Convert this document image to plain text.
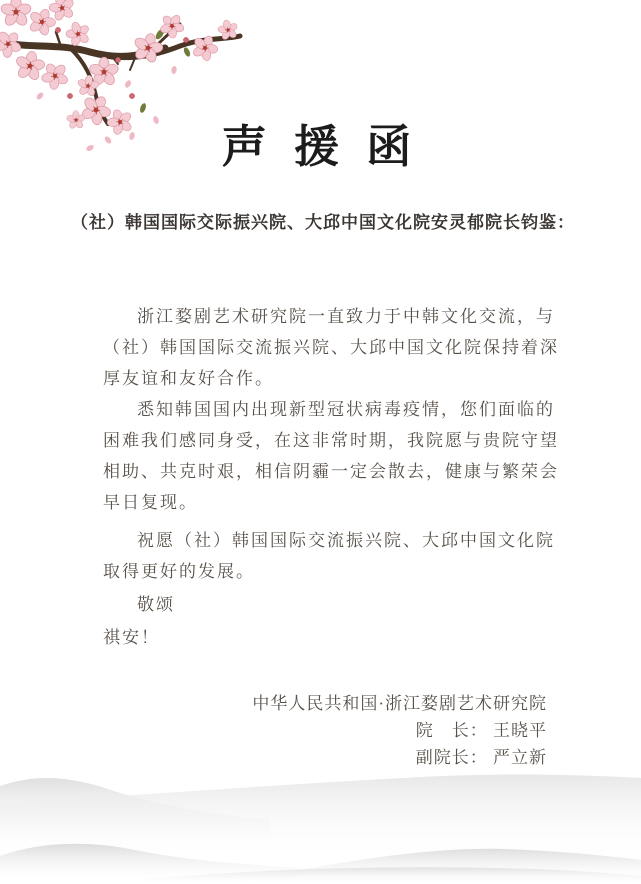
声 援 函
（社）韩国国际交际振兴院、大邱中国文化院安灵郁院长钧鉴：

浙江婺剧艺术研究院一直致力于中韩文化交流，与（社）韩国国际交流振兴院、大邱中国文化院保持着深厚友谊和友好合作。

悉知韩国国内出现新型冠状病毒疫情，您们面临的困难我们感同身受，在这非常时期，我院愿与贵院守望相助、共克时艰，相信阴霾一定会散去，健康与繁荣会早日复现。

祝愿（社）韩国国际交流振兴院、大邱中国文化院取得更好的发展。

敬颂

祺安！

中华人民共和国·浙江婺剧艺术研究院
院　长： 王晓平
副院长： 严立新
